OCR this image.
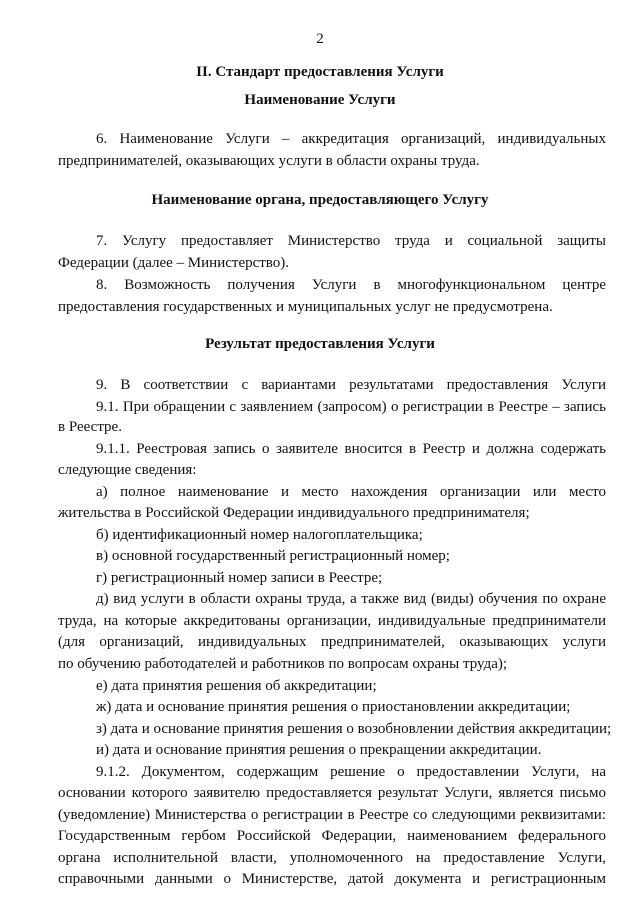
2
II. Стандарт предоставления Услуги
Наименование Услуги
6. Наименование Услуги – аккредитация организаций, индивидуальных
предпринимателей, оказывающих услуги в области охраны труда.
Наименование органа, предоставляющего Услугу
7. Услугу предоставляет Министерство труда и социальной защиты
Федерации (далее – Министерство).
8. Возможность получения Услуги в многофункциональном центре
предоставления государственных и муниципальных услуг не предусмотрена.
Результат предоставления Услуги
9. В соответствии с вариантами результатами предоставления Услуги
9.1. При обращении с заявлением (запросом) о регистрации в Реестре – запись
в Реестре.
9.1.1. Реестровая запись о заявителе вносится в Реестр и должна содержать
следующие сведения:
а) полное наименование и место нахождения организации или место
жительства в Российской Федерации индивидуального предпринимателя;
б) идентификационный номер налогоплательщика;
в) основной государственный регистрационный номер;
г) регистрационный номер записи в Реестре;
д) вид услуги в области охраны труда, а также вид (виды) обучения по охране
труда, на которые аккредитованы организации, индивидуальные предприниматели
(для организаций, индивидуальных предпринимателей, оказывающих услуги
по обучению работодателей и работников по вопросам охраны труда);
е) дата принятия решения об аккредитации;
ж) дата и основание принятия решения о приостановлении аккредитации;
з) дата и основание принятия решения о возобновлении действия аккредитации;
и) дата и основание принятия решения о прекращении аккредитации.
9.1.2. Документом, содержащим решение о предоставлении Услуги, на
основании которого заявителю предоставляется результат Услуги, является письмо
(уведомление) Министерства о регистрации в Реестре со следующими реквизитами:
Государственным гербом Российской Федерации, наименованием федерального
органа исполнительной власти, уполномоченного на предоставление Услуги,
справочными данными о Министерстве, датой документа и регистрационным
